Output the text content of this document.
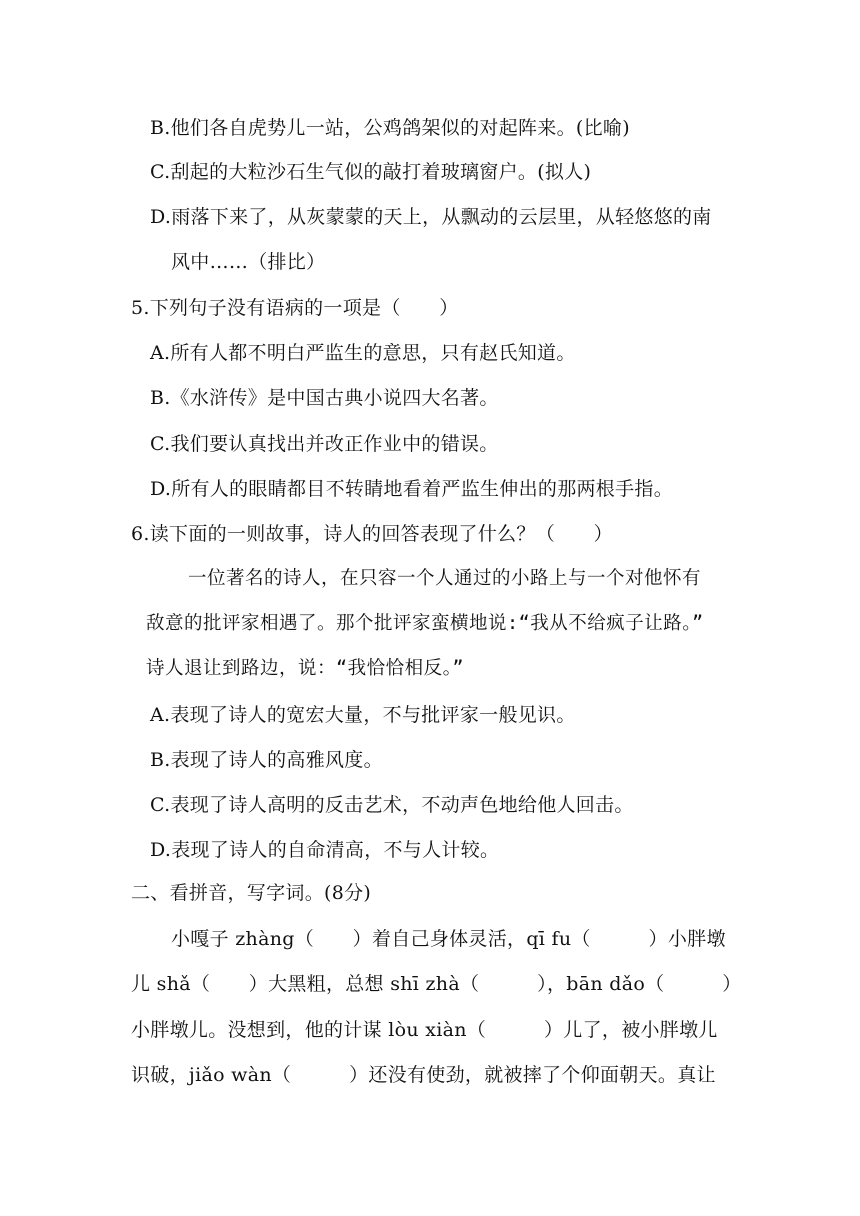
B.他们各自虎势儿一站，公鸡鸽架似的对起阵来。(比喻)
C.刮起的大粒沙石生气似的敲打着玻璃窗户。(拟人)
D.雨落下来了，从灰蒙蒙的天上，从飘动的云层里，从轻悠悠的南
风中……（排比）
5.下列句子没有语病的一项是（　　）
A.所有人都不明白严监生的意思，只有赵氏知道。
B.《水浒传》是中国古典小说四大名著。
C.我们要认真找出并改正作业中的错误。
D.所有人的眼睛都目不转睛地看着严监生伸出的那两根手指。
6.读下面的一则故事，诗人的回答表现了什么？（　　）
一位著名的诗人，在只容一个人通过的小路上与一个对他怀有
敌意的批评家相遇了。那个批评家蛮横地说:“我从不给疯子让路。”
诗人退让到路边，说：“我恰恰相反。”
A.表现了诗人的宽宏大量，不与批评家一般见识。
B.表现了诗人的高雅风度。
C.表现了诗人高明的反击艺术，不动声色地给他人回击。
D.表现了诗人的自命清高，不与人计较。
二、看拼音，写字词。(8分)
小嘎子 zhàng（　　）着自己身体灵活，qī fu（　　　）小胖墩
儿 shǎ（　　）大黑粗，总想 shī zhà（　　　），bān dǎo（　　　）
小胖墩儿。没想到，他的计谋 lòu xiàn（　　　）儿了，被小胖墩儿
识破，jiǎo wàn（　　　）还没有使劲，就被摔了个仰面朝天。真让
